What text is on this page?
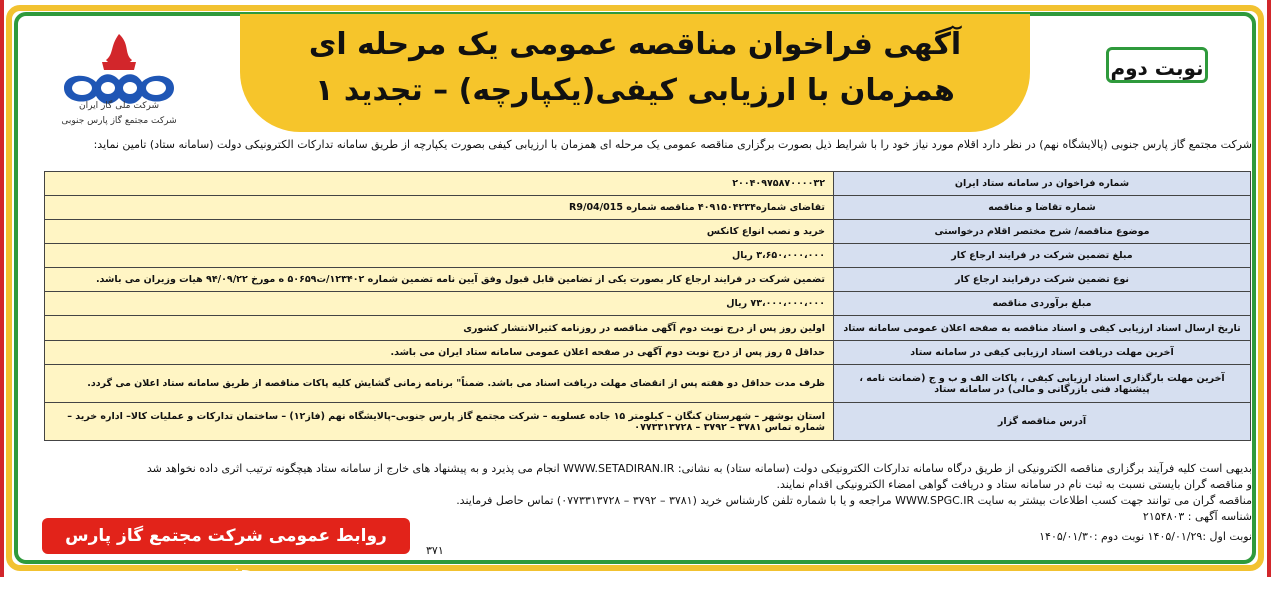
شرکت ملی گاز ایران
شرکت مجتمع گاز پارس جنوبی
آگهی فراخوان مناقصه عمومی یک مرحله ای
همزمان با ارزیابی کیفی(یکپارچه) – تجدید ۱
نوبت دوم
شرکت مجتمع گاز پارس جنوبی (پالایشگاه نهم) در نظر دارد اقلام مورد نیاز خود را با شرایط ذیل بصورت برگزاری مناقصه عمومی یک مرحله ای همزمان با ارزیابی کیفی بصورت یکپارچه از طریق سامانه تدارکات الکترونیکی دولت (سامانه ستاد) تامین نماید:
شماره فراخوان در سامانه ستاد ایران	۲۰۰۴۰۹۷۵۸۷۰۰۰۰۳۲
شماره تقاضا و مناقصه	تقاضای شماره۴۰۹۱۵۰۴۲۳۴ مناقصه شماره R9/04/015
موضوع مناقصه/ شرح مختصر اقلام درخواستی	خرید و نصب انواع کانکس
مبلغ تضمین شرکت در فرایند ارجاع کار	۳،۶۵۰،۰۰۰،۰۰۰ ریال
نوع تضمین شرکت درفرایند ارجاع کار	تضمین شرکت در فرایند ارجاع کار بصورت یکی از تضامین قابل قبول وفق آیین نامه تضمین شماره ۱۲۳۴۰۲/ت۵۰۶۵۹ ه مورخ ۹۴/۰۹/۲۲ هیات وزیران می باشد.
مبلغ برآوردی مناقصه	۷۳،۰۰۰،۰۰۰،۰۰۰ ریال
تاریخ ارسال اسناد ارزیابی کیفی و اسناد مناقصه به صفحه اعلان عمومی سامانه ستاد	اولین روز پس از درج نوبت دوم آگهی مناقصه در روزنامه کثیرالانتشار کشوری
آخرین مهلت دریافت اسناد ارزیابی کیفی در سامانه ستاد	حداقل ۵ روز پس از درج نوبت دوم آگهی در صفحه اعلان عمومی سامانه ستاد ایران می باشد.
آخرین مهلت بارگذاری اسناد ارزیابی کیفی ، پاکات الف و ب و ج (ضمانت نامه ، پیشنهاد فنی بازرگانی و مالی) در سامانه ستاد	ظرف مدت حداقل دو هفته پس از انقضای مهلت دریافت اسناد می باشد. ضمناً" برنامه زمانی گشایش کلیه پاکات مناقصه از طریق سامانه ستاد اعلان می گردد.
آدرس مناقصه گزار	استان بوشهر – شهرستان کنگان – کیلومتر ۱۵ جاده عسلویه – شرکت مجتمع گاز پارس جنوبی–پالایشگاه نهم (فاز۱۲) – ساختمان تدارکات و عملیات کالا– اداره خرید – شماره تماس ۳۷۸۱ – ۳۷۹۲ – ۰۷۷۳۳۱۳۷۲۸
بدیهی است کلیه فرآیند برگزاری مناقصه الکترونیکی از طریق درگاه سامانه تدارکات الکترونیکی دولت (سامانه ستاد) به نشانی: WWW.SETADIRAN.IR انجام می پذیرد و به پیشنهاد های خارج از سامانه ستاد هیچگونه ترتیب اثری داده نخواهد شد
و مناقصه گران بایستی نسبت به ثبت نام در سامانه ستاد و دریافت گواهی امضاء الکترونیکی اقدام نمایند.
مناقصه گران می توانند جهت کسب اطلاعات بیشتر به سایت WWW.SPGC.IR مراجعه و یا با شماره تلفن کارشناس خرید (۳۷۸۱ – ۳۷۹۲ – ۰۷۷۳۳۱۳۷۲۸) تماس حاصل فرمایند.
شناسه آگهی : ۲۱۵۴۸۰۳
نوبت اول :۱۴۰۵/۰۱/۲۹ نوبت دوم :۱۴۰۵/۰۱/۳۰
روابط عمومی شرکت مجتمع گاز پارس جنوبی
۳۷۱
